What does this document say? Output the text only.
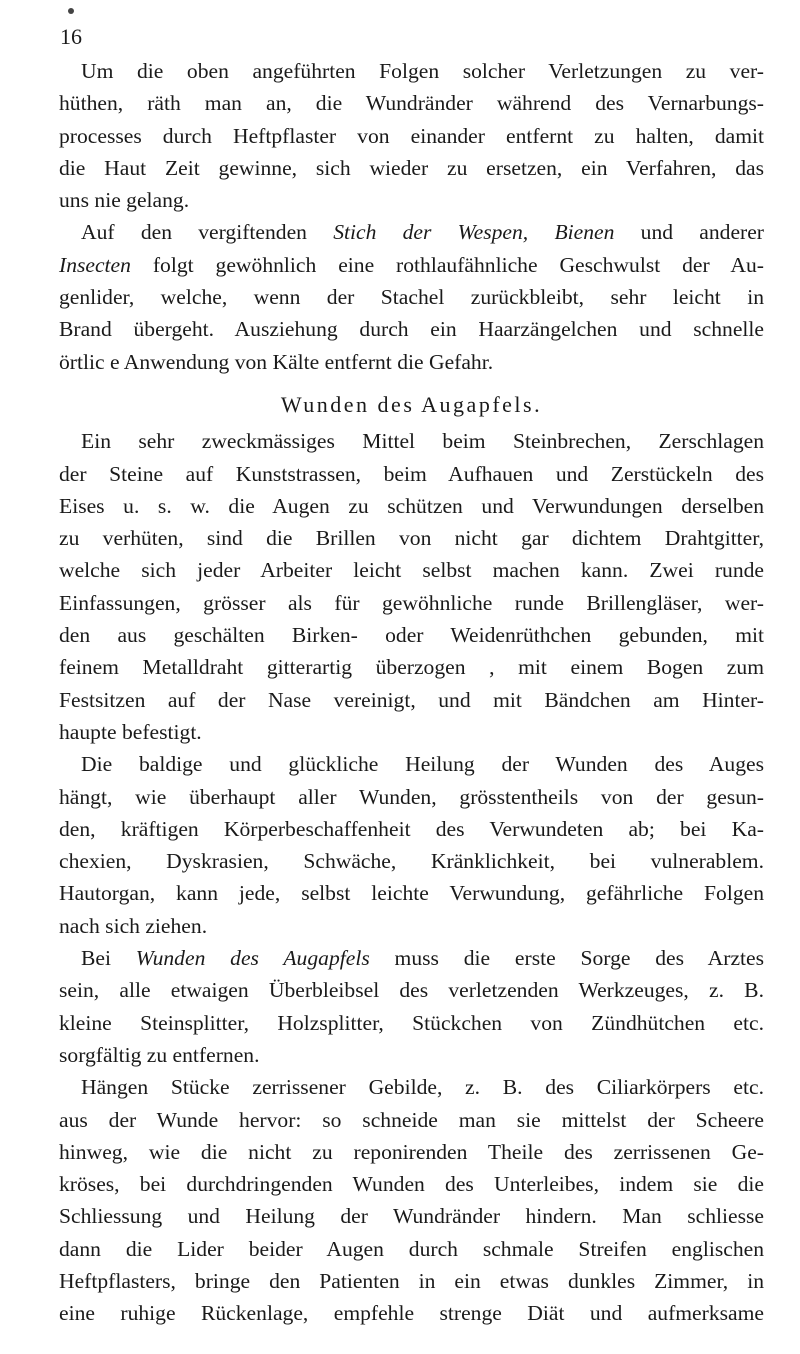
16
Um die oben angeführten Folgen solcher Verletzungen zu ver-
hüthen, räth man an, die Wundränder während des Vernarbungs-
processes durch Heftpflaster von einander entfernt zu halten, damit
die Haut Zeit gewinne, sich wieder zu ersetzen, ein Verfahren, das
uns nie gelang.
Auf den vergiftenden Stich der Wespen, Bienen und anderer
Insecten folgt gewöhnlich eine rothlaufähnliche Geschwulst der Au-
genlider, welche, wenn der Stachel zurückbleibt, sehr leicht in
Brand übergeht. Ausziehung durch ein Haarzängelchen und schnelle
örtlic e Anwendung von Kälte entfernt die Gefahr.
Wunden des Augapfels.
Ein sehr zweckmässiges Mittel beim Steinbrechen, Zerschlagen
der Steine auf Kunststrassen, beim Aufhauen und Zerstückeln des
Eises u. s. w. die Augen zu schützen und Verwundungen derselben
zu verhüten, sind die Brillen von nicht gar dichtem Drahtgitter,
welche sich jeder Arbeiter leicht selbst machen kann. Zwei runde
Einfassungen, grösser als für gewöhnliche runde Brillengläser, wer-
den aus geschälten Birken- oder Weidenrüthchen gebunden, mit
feinem Metalldraht gitterartig überzogen , mit einem Bogen zum
Festsitzen auf der Nase vereinigt, und mit Bändchen am Hinter-
haupte befestigt.
Die baldige und glückliche Heilung der Wunden des Auges
hängt, wie überhaupt aller Wunden, grösstentheils von der gesun-
den, kräftigen Körperbeschaffenheit des Verwundeten ab; bei Ka-
chexien, Dyskrasien, Schwäche, Kränklichkeit, bei vulnerablem.
Hautorgan, kann jede, selbst leichte Verwundung, gefährliche Folgen
nach sich ziehen.
Bei Wunden des Augapfels muss die erste Sorge des Arztes
sein, alle etwaigen Überbleibsel des verletzenden Werkzeuges, z. B.
kleine Steinsplitter, Holzsplitter, Stückchen von Zündhütchen etc.
sorgfältig zu entfernen.
Hängen Stücke zerrissener Gebilde, z. B. des Ciliarkörpers etc.
aus der Wunde hervor: so schneide man sie mittelst der Scheere
hinweg, wie die nicht zu reponirenden Theile des zerrissenen Ge-
kröses, bei durchdringenden Wunden des Unterleibes, indem sie die
Schliessung und Heilung der Wundränder hindern. Man schliesse
dann die Lider beider Augen durch schmale Streifen englischen
Heftpflasters, bringe den Patienten in ein etwas dunkles Zimmer, in
eine ruhige Rückenlage, empfehle strenge Diät und aufmerksame
